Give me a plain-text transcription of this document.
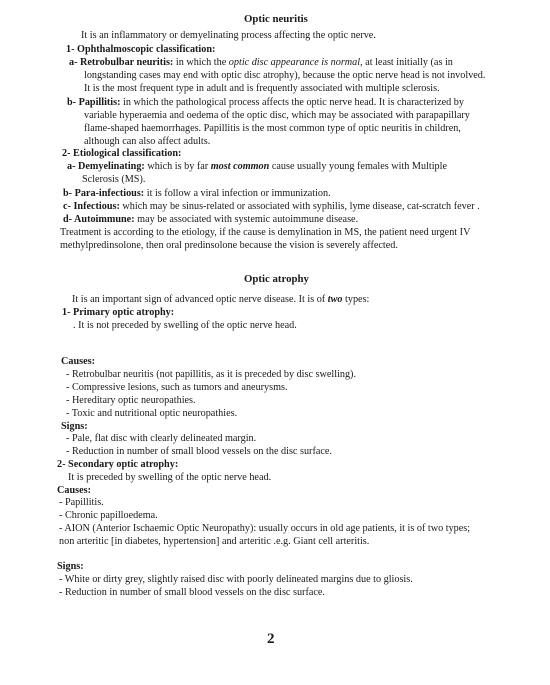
Optic neuritis
It is an inflammatory or demyelinating process affecting the optic nerve.
1- Ophthalmoscopic classification:
a- Retrobulbar neuritis: in which the optic disc appearance is normal, at least initially (as in
longstanding cases may end with optic disc atrophy), because the optic nerve head is not involved.
It is the most frequent type in adult and is frequently associated with multiple sclerosis.
b- Papillitis: in which the pathological process affects the optic nerve head. It is characterized by
variable hyperaemia and oedema of the optic disc, which may be associated with parapapillary
flame-shaped haemorrhages. Papillitis is the most common type of optic neuritis in children,
although can also affect adults.
2- Etiological classification:
a- Demyelinating: which is by far most common cause usually young females with Multiple
Sclerosis (MS).
b- Para-infectious: it is follow a viral infection or immunization.
c- Infectious: which may be sinus-related or associated with syphilis, lyme disease, cat-scratch fever .
d- Autoimmune: may be associated with systemic autoimmune disease.
Treatment is according to the etiology, if the cause is demylination in MS, the patient need urgent IV
methylpredinsolone, then oral predinsolone because the vision is severely affected.
Optic atrophy
It is an important sign of advanced optic nerve disease. It is of two types:
1- Primary optic atrophy:
. It is not preceded by swelling of the optic nerve head.
Causes:
- Retrobulbar neuritis (not papillitis, as it is preceded by disc swelling).
- Compressive lesions, such as tumors and aneurysms.
- Hereditary optic neuropathies.
- Toxic and nutritional optic neuropathies.
Signs:
- Pale, flat disc with clearly delineated margin.
- Reduction in number of small blood vessels on the disc surface.
2- Secondary optic atrophy:
It is preceded by swelling of the optic nerve head.
Causes:
- Papillitis.
- Chronic papilloedema.
- AION (Anterior Ischaemic Optic Neuropathy): usually occurs in old age patients, it is of two types;
non arteritic [in diabetes, hypertension] and arteritic .e.g. Giant cell arteritis.
Signs:
- White or dirty grey, slightly raised disc with poorly delineated margins due to gliosis.
- Reduction in number of small blood vessels on the disc surface.
2
